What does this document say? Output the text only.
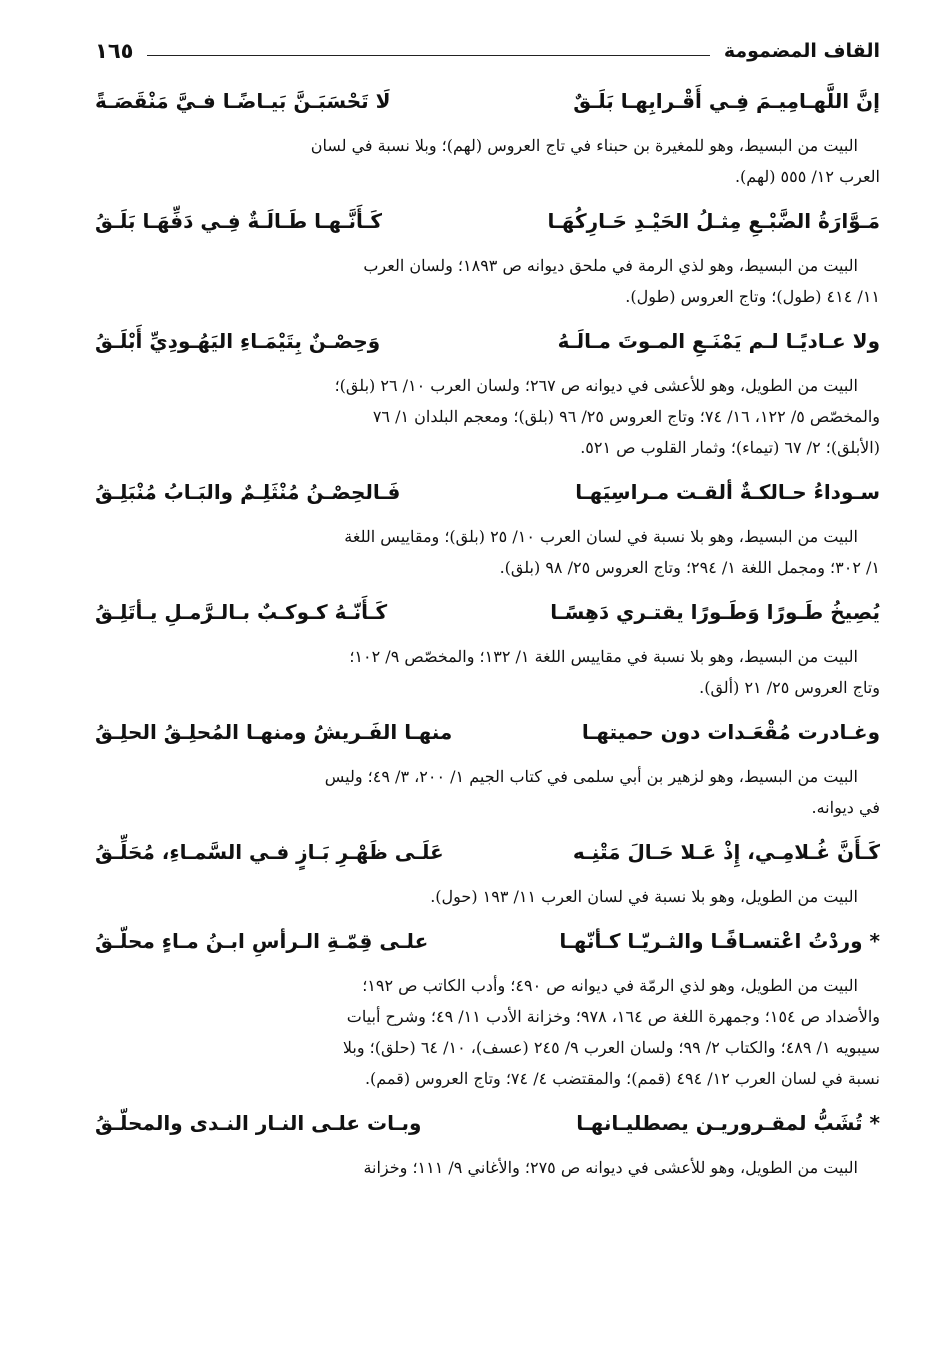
القاف المضمومة
١٦٥
إنَّ اللَّهـامِيـمَ فِـي أَقْـرابِهـا بَلَـقٌ
لَا تَحْسَبَـنَّ بَيـاضًـا فـيَّ مَنْقَصَـةً
البيت من البسيط، وهو للمغيرة بن حبناء في تاج العروس (لهم)؛ وبلا نسبة في لسان
العرب ١٢/ ٥٥٥ (لهم).
مَـوَّارَةُ الضَّبْـعِ مِثـلُ الحَيْـدِ حَـارِكُهَـا
كَـأَنَّـهـا طَـالَـةٌ فِـي دَفِّهَـا بَلَـقُ
البيت من البسيط، وهو لذي الرمة في ملحق ديوانه ص ١٨٩٣؛ ولسان العرب
١١/ ٤١٤ (طول)؛ وتاج العروس (طول).
ولا عـاديًـا لـم يَمْنَـعِ المـوتَ مـالَـهُ
وَحِصْـنٌ بِتَيْمَـاءِ اليَهُـودِيِّ أَبْلَـقُ
البيت من الطويل، وهو للأعشى في ديوانه ص ٢٦٧؛ ولسان العرب ١٠/ ٢٦ (بلق)؛
والمخصّص ٥/ ١٢٢، ١٦/ ٧٤؛ وتاج العروس ٢٥/ ٩٦ (بلق)؛ ومعجم البلدان ١/ ٧٦
(الأبلق)؛ ٢/ ٦٧ (تيماء)؛ وثمار القلوب ص ٥٢١.
سـوداءُ حـالكـةٌ ألقـت مـراسِيَهـا
فَـالحِصْـنُ مُنْثَلِـمٌ والبَـابُ مُنْبَلِـقُ
البيت من البسيط، وهو بلا نسبة في لسان العرب ١٠/ ٢٥ (بلق)؛ ومقاييس اللغة
١/ ٣٠٢؛ ومجمل اللغة ١/ ٢٩٤؛ وتاج العروس ٢٥/ ٩٨ (بلق).
يُصِيخُ طَـورًا وَطَـورًا يقتـري دَهِسًـا
كَـأَنّـهُ كـوكـبٌ بـالـرَّمـلِ يـأتَلِـقُ
البيت من البسيط، وهو بلا نسبة في مقاييس اللغة ١/ ١٣٢؛ والمخصّص ٩/ ١٠٢؛
وتاج العروس ٢٥/ ٢١ (ألق).
وغـادرت مُقْعَـدات دون حميتهـا
منهـا الفَـريشُ ومنهـا المُحلِـقُ الحلِـقُ
البيت من البسيط، وهو لزهير بن أبي سلمى في كتاب الجيم ١/ ٢٠٠، ٣/ ٤٩؛ وليس
في ديوانه.
كَـأَنَّ غُـلامِـي، إِذْ عَـلا حَـالَ مَتْنِـه
عَلَـى ظَهْـرِ بَـازٍ فـي السَّمـاءِ، مُحَلِّـقُ
البيت من الطويل، وهو بلا نسبة في لسان العرب ١١/ ١٩٣ (حول).
* وردْتُ اعْتسـافًـا والثـريّـا كـأنّهـا
علـى قِمّـةِ الـرأسِ ابـنُ مـاءٍ محلّـقُ
البيت من الطويل، وهو لذي الرمّة في ديوانه ص ٤٩٠؛ وأدب الكاتب ص ١٩٢؛
والأضداد ص ١٥٤؛ وجمهرة اللغة ص ١٦٤، ٩٧٨؛ وخزانة الأدب ١١/ ٤٩؛ وشرح أبيات
سيبويه ١/ ٤٨٩؛ والكتاب ٢/ ٩٩؛ ولسان العرب ٩/ ٢٤٥ (عسف)، ١٠/ ٦٤ (حلق)؛ وبلا
نسبة في لسان العرب ١٢/ ٤٩٤ (قمم)؛ والمقتضب ٤/ ٧٤؛ وتاج العروس (قمم).
* تُشَبُّ لمقـروريـن يصطليـانهـا
وبـات علـى النـار النـدى والمحلّـقُ
البيت من الطويل، وهو للأعشى في ديوانه ص ٢٧٥؛ والأغاني ٩/ ١١١؛ وخزانة
